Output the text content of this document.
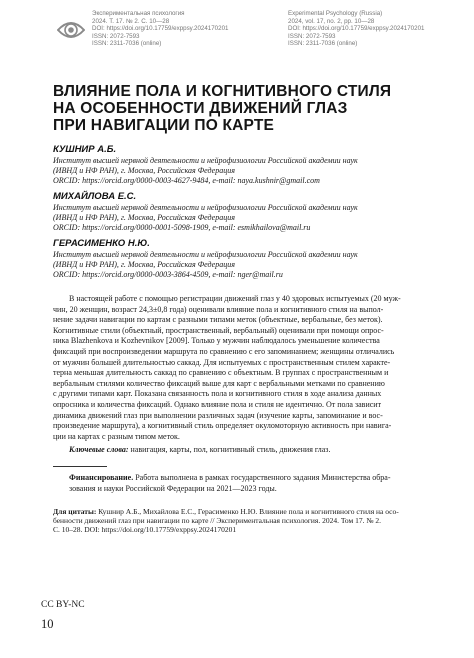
Экспериментальная психология
2024. Т. 17. № 2. С. 10—28
DOI: https://doi.org/10.17759/exppsy.2024170201
ISSN: 2072-7593
ISSN: 2311-7036 (online)
Experimental Psychology (Russia)
2024, vol. 17, no. 2, pp. 10—28
DOI: https://doi.org/10.17759/exppsy.2024170201
ISSN: 2072-7593
ISSN: 2311-7036 (online)
ВЛИЯНИЕ ПОЛА И КОГНИТИВНОГО СТИЛЯ
НА ОСОБЕННОСТИ ДВИЖЕНИЙ ГЛАЗ
ПРИ НАВИГАЦИИ ПО КАРТЕ
КУШНИР А.Б.
Институт высшей нервной деятельности и нейрофизиологии Российской академии наук
(ИВНД и НФ РАН), г. Москва, Российская Федерация
ORCID: https://orcid.org/0000-0003-4627-9484, e-mail: naya.kushnir@gmail.com
МИХАЙЛОВА Е.С.
Институт высшей нервной деятельности и нейрофизиологии Российской академии наук
(ИВНД и НФ РАН), г. Москва, Российская Федерация
ORCID: https://orcid.org/0000-0001-5098-1909, e-mail: esmikhailova@mail.ru
ГЕРАСИМЕНКО Н.Ю.
Институт высшей нервной деятельности и нейрофизиологии Российской академии наук
(ИВНД и НФ РАН), г. Москва, Российская Федерация
ORCID: https://orcid.org/0000-0003-3864-4509, e-mail: nger@mail.ru
В настоящей работе с помощью регистрации движений глаз у 40 здоровых испытуемых (20 муж-
чин, 20 женщин, возраст 24,3±0,8 года) оценивали влияние пола и когнитивного стиля на выпол-
нение задачи навигации по картам с разными типами меток (объектные, вербальные, без меток).
Когнитивные стили (объектный, пространственный, вербальный) оценивали при помощи опрос-
ника Blazhenkova и Kozhevnikov [2009]. Только у мужчин наблюдалось уменьшение количества
фиксаций при воспроизведении маршрута по сравнению с его запоминанием; женщины отличались
от мужчин большей длительностью саккад. Для испытуемых с пространственным стилем характе-
терна меньшая длительность саккад по сравнению с объектным. В группах с пространственным и
вербальным стилями количество фиксаций выше для карт с вербальными метками по сравнению
с другими типами карт. Показана связанность пола и когнитивного стиля в ходе анализа данных
опросника и количества фиксаций. Однако влияние пола и стиля не идентично. От пола зависит
динамика движений глаз при выполнении различных задач (изучение карты, запоминание и вос-
произведение маршрута), а когнитивный стиль определяет окуломоторную активность при навига-
ции на картах с разным типом меток.
Ключевые слова: навигация, карты, пол, когнитивный стиль, движения глаз.
Финансирование. Работа выполнена в рамках государственного задания Министерства обра-
зования и науки Российской Федерации на 2021—2023 годы.
Для цитаты: Кушнир А.Б., Михайлова Е.С., Герасименко Н.Ю. Влияние пола и когнитивного стиля на осо-
бенности движений глаз при навигации по карте // Экспериментальная психология. 2024. Том 17. № 2.
С. 10–28. DOI: https://doi.org/10.17759/exppsy.2024170201
CC BY-NC
10
